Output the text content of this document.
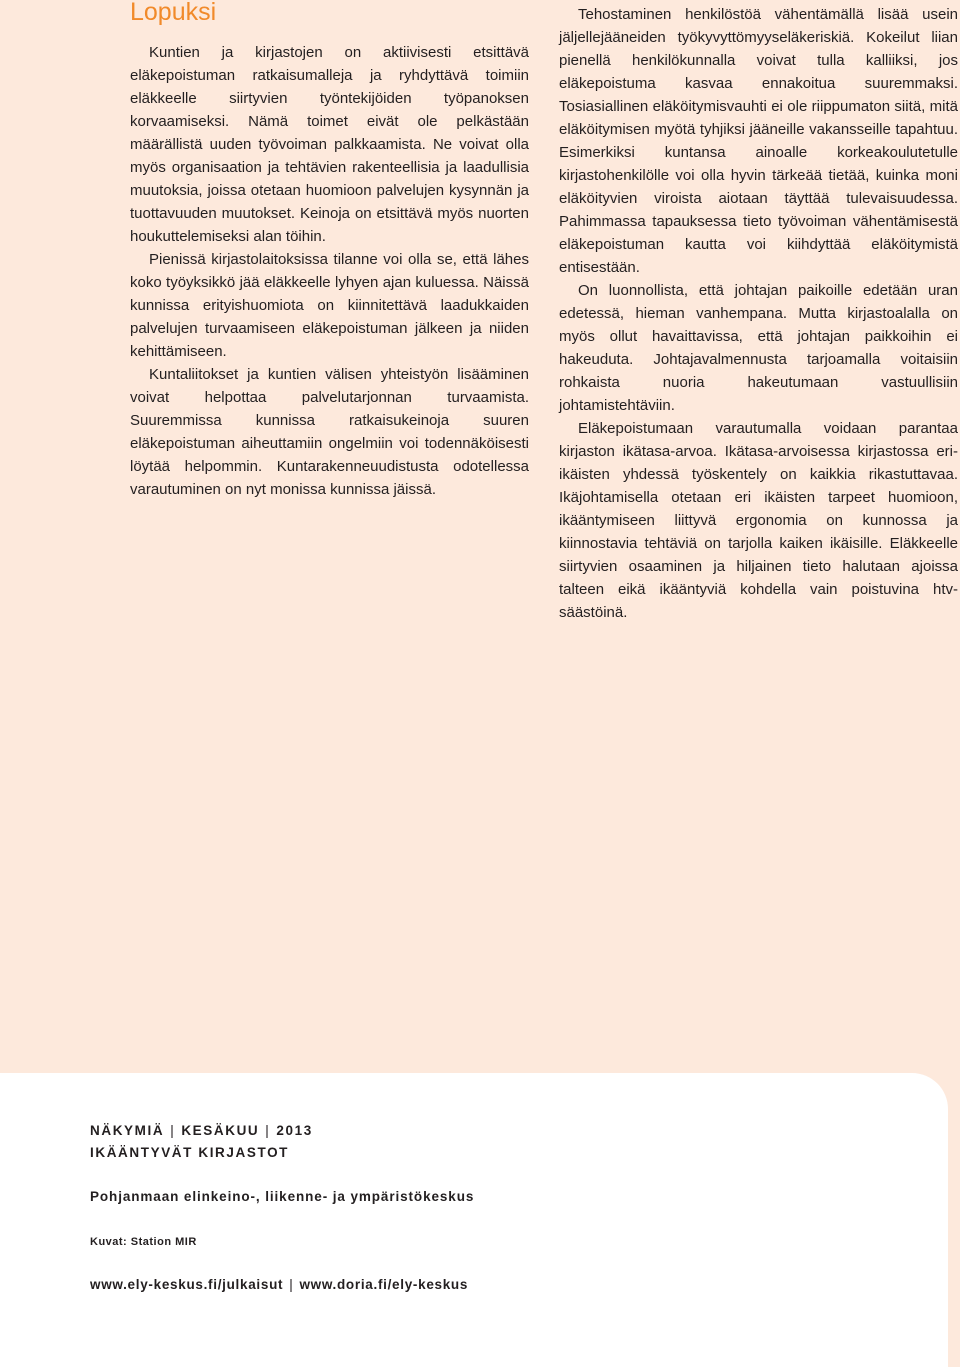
Lopuksi

Kuntien ja kirjastojen on aktiivisesti etsittävä eläkepoistuman ratkaisumalleja ja ryhdyttävä toimiin eläkkeelle siirtyvien työntekijöiden työpanoksen korvaamiseksi. Nämä toimet eivät ole pelkästään määrällistä uuden työvoiman palkkaamista. Ne voivat olla myös organisaation ja tehtävien rakenteellisia ja laadullisia muutoksia, joissa otetaan huomioon palvelujen kysynnän ja tuottavuuden muutokset. Keinoja on etsittävä myös nuorten houkuttelemiseksi alan töihin.

Pienissä kirjastolaitoksissa tilanne voi olla se, että lähes koko työyksikkö jää eläkkeelle lyhyen ajan kuluessa. Näissä kunnissa erityishuomiota on kiinnitettävä laadukkaiden palvelujen turvaamiseen eläkepoistuman jälkeen ja niiden kehittämiseen.

Kuntaliitokset ja kuntien välisen yhteistyön lisääminen voivat helpottaa palvelutarjonnan turvaamista. Suuremmissa kunnissa ratkaisukeinoja suuren eläkepoistuman aiheuttamiin ongelmiin voi todennäköisesti löytää helpommin. Kuntarakenneuudistusta odotellessa varautuminen on nyt monissa kunnissa jäissä.

Tehostaminen henkilöstöä vähentämällä lisää usein jäljellejääneiden työkyvyttömyyseläkeriskiä. Kokeilut liian pienellä henkilökunnalla voivat tulla kalliiksi, jos eläkepoistuma kasvaa ennakoitua suuremmaksi. Tosiasiallinen eläköitymisvauhti ei ole riippumaton siitä, mitä eläköitymisen myötä tyhjiksi jääneille vakansseille tapahtuu. Esimerkiksi kuntansa ainoalle korkeakoulutetulle kirjastohenkilölle voi olla hyvin tärkeää tietää, kuinka moni eläköityvien viroista aiotaan täyttää tulevaisuudessa. Pahimmassa tapauksessa tieto työvoiman vähentämisestä eläkepoistuman kautta voi kiihdyttää eläköitymistä entisestään.

On luonnollista, että johtajan paikoille edetään uran edetessä, hieman vanhempana. Mutta kirjastoalalla on myös ollut havaittavissa, että johtajan paikkoihin ei hakeuduta. Johtajavalmennusta tarjoamalla voitaisiin rohkaista nuoria hakeutumaan vastuullisiin johtamistehtäviin.

Eläkepoistumaan varautumalla voidaan parantaa kirjaston ikätasa-arvoa. Ikätasa-arvoisessa kirjastossa eri-ikäisten yhdessä työskentely on kaikkia rikastuttavaa. Ikäjohtamisella otetaan eri ikäisten tarpeet huomioon, ikääntymiseen liittyvä ergonomia on kunnossa ja kiinnostavia tehtäviä on tarjolla kaiken ikäisille. Eläkkeelle siirtyvien osaaminen ja hiljainen tieto halutaan ajoissa talteen eikä ikääntyviä kohdella vain poistuvina htv-säästöinä.

NÄKYMIÄ | KESÄKUU | 2013
IKÄÄNTYVÄT KIRJASTOT
Pohjanmaan elinkeino-, liikenne- ja ympäristökeskus
Kuvat: Station MIR
www.ely-keskus.fi/julkaisut | www.doria.fi/ely-keskus
